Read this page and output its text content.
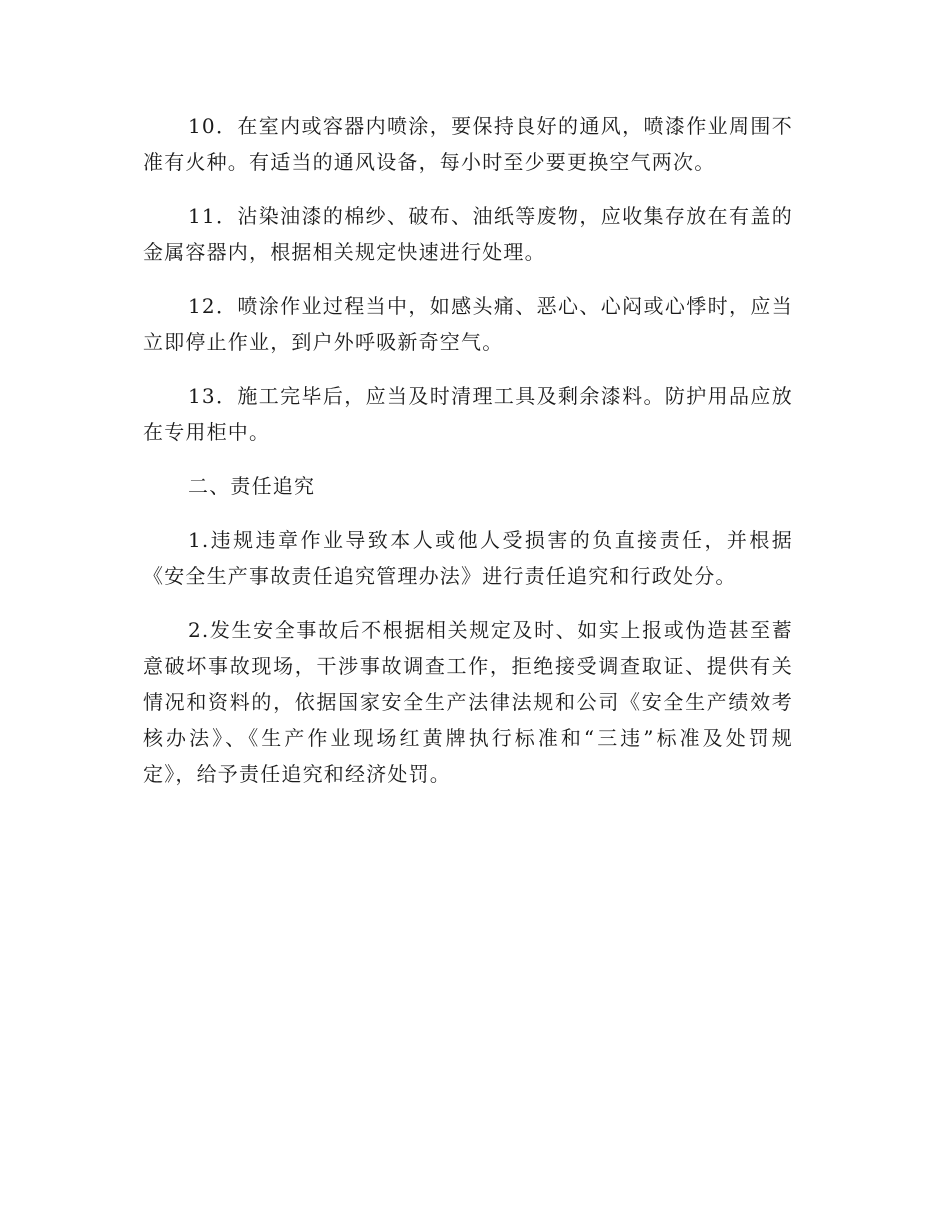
10．在室内或容器内喷涂，要保持良好的通风，喷漆作业周围不准有火种。有适当的通风设备，每小时至少要更换空气两次。

11．沾染油漆的棉纱、破布、油纸等废物，应收集存放在有盖的金属容器内，根据相关规定快速进行处理。

12．喷涂作业过程当中，如感头痛、恶心、心闷或心悸时，应当立即停止作业，到户外呼吸新奇空气。

13．施工完毕后，应当及时清理工具及剩余漆料。防护用品应放在专用柜中。

二、责任追究

1.违规违章作业导致本人或他人受损害的负直接责任，并根据《安全生产事故责任追究管理办法》进行责任追究和行政处分。

2.发生安全事故后不根据相关规定及时、如实上报或伪造甚至蓄意破坏事故现场，干涉事故调查工作，拒绝接受调查取证、提供有关情况和资料的，依据国家安全生产法律法规和公司《安全生产绩效考核办法》、《生产作业现场红黄牌执行标准和“三违”标准及处罚规定》，给予责任追究和经济处罚。
